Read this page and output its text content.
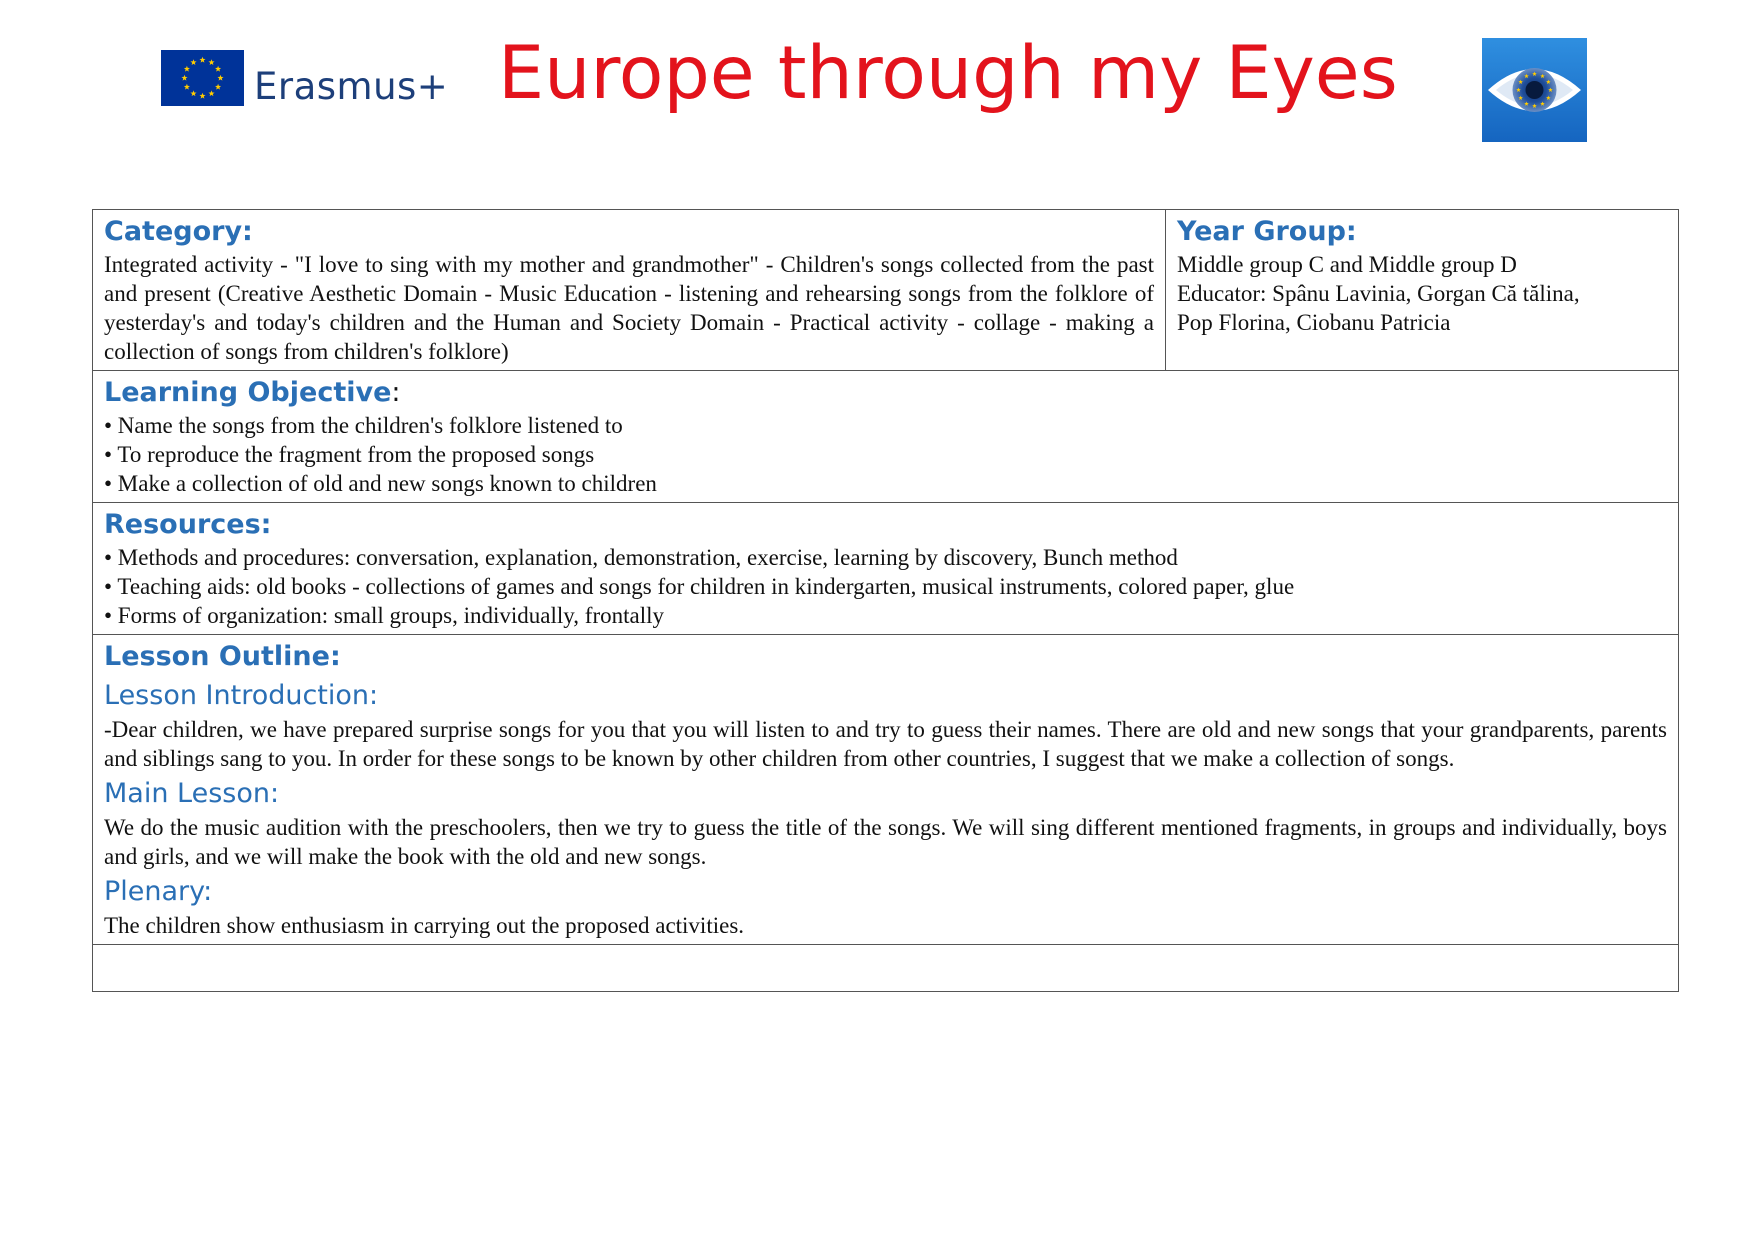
Erasmus+ Europe through my Eyes
Category:
Integrated activity - "I love to sing with my mother and grandmother" - Children's songs collected from the past and present (Creative Aesthetic Domain - Music Education - listening and rehearsing songs from the folklore of yesterday's and today's children and the Human and Society Domain - Practical activity - collage - making a collection of songs from children's folklore)

Year Group:
Middle group C and Middle group D
Educator: Spânu Lavinia, Gorgan Că tălina,
Pop Florina, Ciobanu Patricia

Learning Objective:
• Name the songs from the children's folklore listened to
• To reproduce the fragment from the proposed songs
• Make a collection of old and new songs known to children

Resources:
• Methods and procedures: conversation, explanation, demonstration, exercise, learning by discovery, Bunch method
• Teaching aids: old books - collections of games and songs for children in kindergarten, musical instruments, colored paper, glue
• Forms of organization: small groups, individually, frontally

Lesson Outline:
Lesson Introduction:
-Dear children, we have prepared surprise songs for you that you will listen to and try to guess their names. There are old and new songs that your grandparents, parents and siblings sang to you. In order for these songs to be known by other children from other countries, I suggest that we make a collection of songs.
Main Lesson:
We do the music audition with the preschoolers, then we try to guess the title of the songs. We will sing different mentioned fragments, in groups and individually, boys and girls, and we will make the book with the old and new songs.
Plenary:
The children show enthusiasm in carrying out the proposed activities.
